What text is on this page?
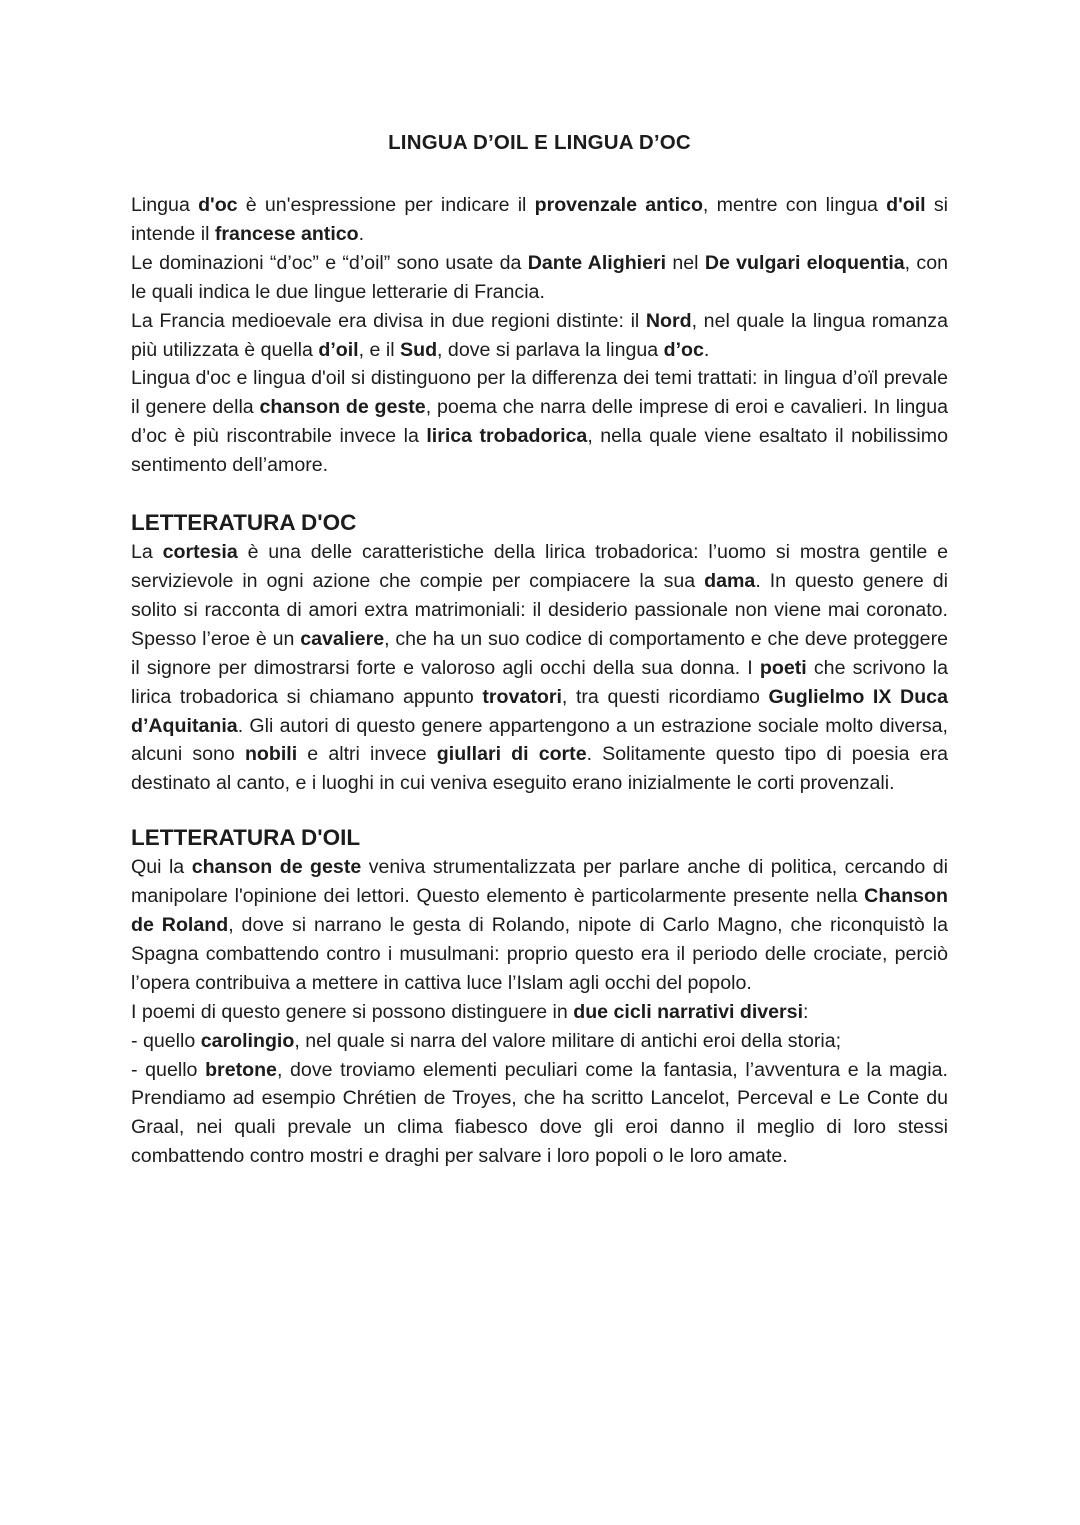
LINGUA D’OIL E LINGUA D’OC

Lingua d'oc è un'espressione per indicare il provenzale antico, mentre con lingua d'oil si intende il francese antico.

Le dominazioni “d’oc” e “d’oil” sono usate da Dante Alighieri nel De vulgari eloquentia, con le quali indica le due lingue letterarie di Francia.

La Francia medioevale era divisa in due regioni distinte: il Nord, nel quale la lingua romanza più utilizzata è quella d’oil, e il Sud, dove si parlava la lingua d’oc.

Lingua d'oc e lingua d'oil si distinguono per la differenza dei temi trattati: in lingua d’oïl prevale il genere della chanson de geste, poema che narra delle imprese di eroi e cavalieri. In lingua d’oc è più riscontrabile invece la lirica trobadorica, nella quale viene esaltato il nobilissimo sentimento dell’amore.

LETTERATURA D'OC

La cortesia è una delle caratteristiche della lirica trobadorica: l’uomo si mostra gentile e servizievole in ogni azione che compie per compiacere la sua dama. In questo genere di solito si racconta di amori extra matrimoniali: il desiderio passionale non viene mai coronato. Spesso l’eroe è un cavaliere, che ha un suo codice di comportamento e che deve proteggere il signore per dimostrarsi forte e valoroso agli occhi della sua donna. I poeti che scrivono la lirica trobadorica si chiamano appunto trovatori, tra questi ricordiamo Guglielmo IX Duca d’Aquitania. Gli autori di questo genere appartengono a un estrazione sociale molto diversa, alcuni sono nobili e altri invece giullari di corte. Solitamente questo tipo di poesia era destinato al canto, e i luoghi in cui veniva eseguito erano inizialmente le corti provenzali.

LETTERATURA D'OIL

Qui la chanson de geste veniva strumentalizzata per parlare anche di politica, cercando di manipolare l'opinione dei lettori. Questo elemento è particolarmente presente nella Chanson de Roland, dove si narrano le gesta di Rolando, nipote di Carlo Magno, che riconquistò la Spagna combattendo contro i musulmani: proprio questo era il periodo delle crociate, perciò l’opera contribuiva a mettere in cattiva luce l’Islam agli occhi del popolo.

I poemi di questo genere si possono distinguere in due cicli narrativi diversi:

- quello carolingio, nel quale si narra del valore militare di antichi eroi della storia;

- quello bretone, dove troviamo elementi peculiari come la fantasia, l’avventura e la magia. Prendiamo ad esempio Chrétien de Troyes, che ha scritto Lancelot, Perceval e Le Conte du Graal, nei quali prevale un clima fiabesco dove gli eroi danno il meglio di loro stessi combattendo contro mostri e draghi per salvare i loro popoli o le loro amate.
